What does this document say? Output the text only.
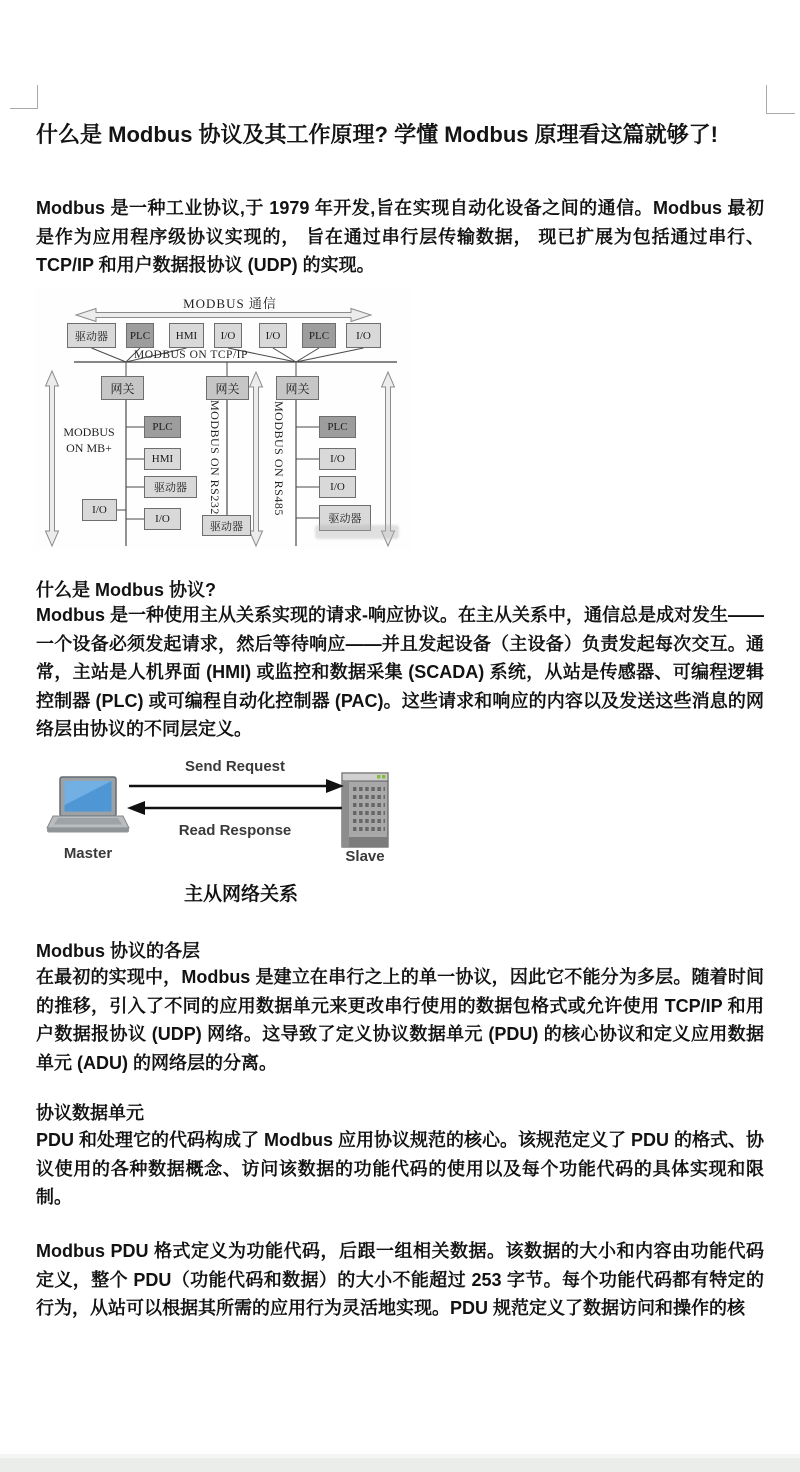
什么是 Modbus 协议及其工作原理? 学懂 Modbus 原理看这篇就够了!
Modbus 是一种工业协议,于 1979 年开发,旨在实现自动化设备之间的通信。Modbus 最初是作为应用程序级协议实现的， 旨在通过串行层传输数据， 现已扩展为包括通过串行、TCP/IP 和用户数据报协议 (UDP) 的实现。
MODBUS 通信
MODBUS ON TCP/IP
驱动器	PLC	HMI	I/O	I/O	PLC	I/O
网关	网关	网关
MODBUS ON MB+	MODBUS ON RS232	MODBUS ON RS485
PLC
HMI
驱动器
I/O
I/O
驱动器
PLC
I/O
I/O
驱动器
什么是 Modbus 协议?
Modbus 是一种使用主从关系实现的请求-响应协议。在主从关系中，通信总是成对发生——一个设备必须发起请求，然后等待响应——并且发起设备（主设备）负责发起每次交互。通常，主站是人机界面 (HMI) 或监控和数据采集 (SCADA) 系统，从站是传感器、可编程逻辑控制器 (PLC) 或可编程自动化控制器 (PAC)。这些请求和响应的内容以及发送这些消息的网络层由协议的不同层定义。
Send Request
Read Response
Master	Slave
主从网络关系
Modbus 协议的各层
在最初的实现中，Modbus 是建立在串行之上的单一协议，因此它不能分为多层。随着时间的推移，引入了不同的应用数据单元来更改串行使用的数据包格式或允许使用 TCP/IP 和用户数据报协议 (UDP) 网络。这导致了定义协议数据单元 (PDU) 的核心协议和定义应用数据单元 (ADU) 的网络层的分离。
协议数据单元
PDU 和处理它的代码构成了 Modbus 应用协议规范的核心。该规范定义了 PDU 的格式、协议使用的各种数据概念、访问该数据的功能代码的使用以及每个功能代码的具体实现和限制。
Modbus PDU 格式定义为功能代码，后跟一组相关数据。该数据的大小和内容由功能代码定义，整个 PDU（功能代码和数据）的大小不能超过 253 字节。每个功能代码都有特定的行为，从站可以根据其所需的应用行为灵活地实现。PDU 规范定义了数据访问和操作的核
